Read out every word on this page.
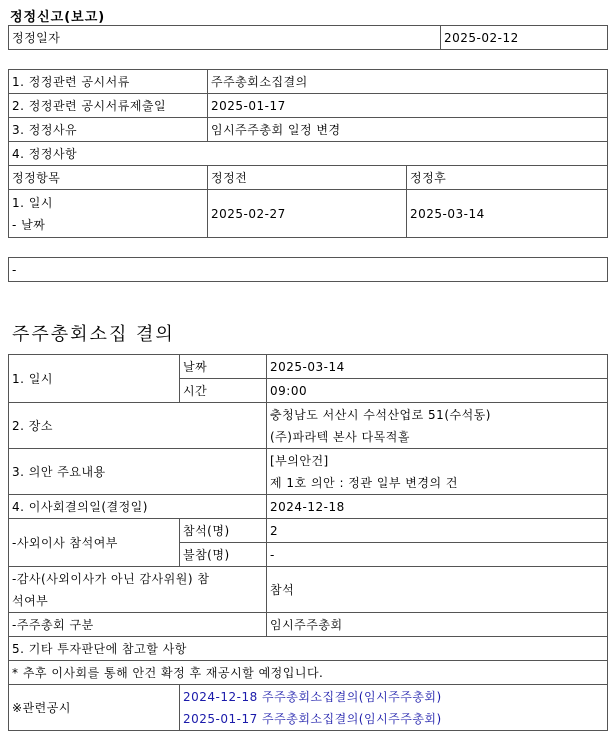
정정신고(보고)
정정일자	2025-02-12
1. 정정관련 공시서류	주주총회소집결의	
2. 정정관련 공시서류제출일	2025-01-17	
3. 정정사유	임시주주총회 일정 변경	
4. 정정사항		
정정항목	정정전	정정후

1. 일시
- 날짜	2025-02-27	2025-03-14
-
주주총회소집 결의
1. 일시	날짜	2025-03-14
	시간	09:00
2. 장소		충청남도 서산시 수석산업로 51(수석동)
(주)파라텍 본사 다목적홀

3. 의안 주요내용		[부의안건]
제 1호 의안 : 정관 일부 변경의 건

4. 이사회결의일(결정일)		2024-12-18
-사외이사 참석여부	참석(명)	2
	불참(명)	-

-감사(사외이사가 아닌 감사위원) 참
석여부		참석
-주주총회 구분		임시주주총회
5. 기타 투자판단에 참고할 사항		
* 추후 이사회를 통해 안건 확정 후 재공시할 예정입니다.		
※관련공시	2024-12-18 주주총회소집결의(임시주주총회)
2025-01-17 주주총회소집결의(임시주주총회)	
